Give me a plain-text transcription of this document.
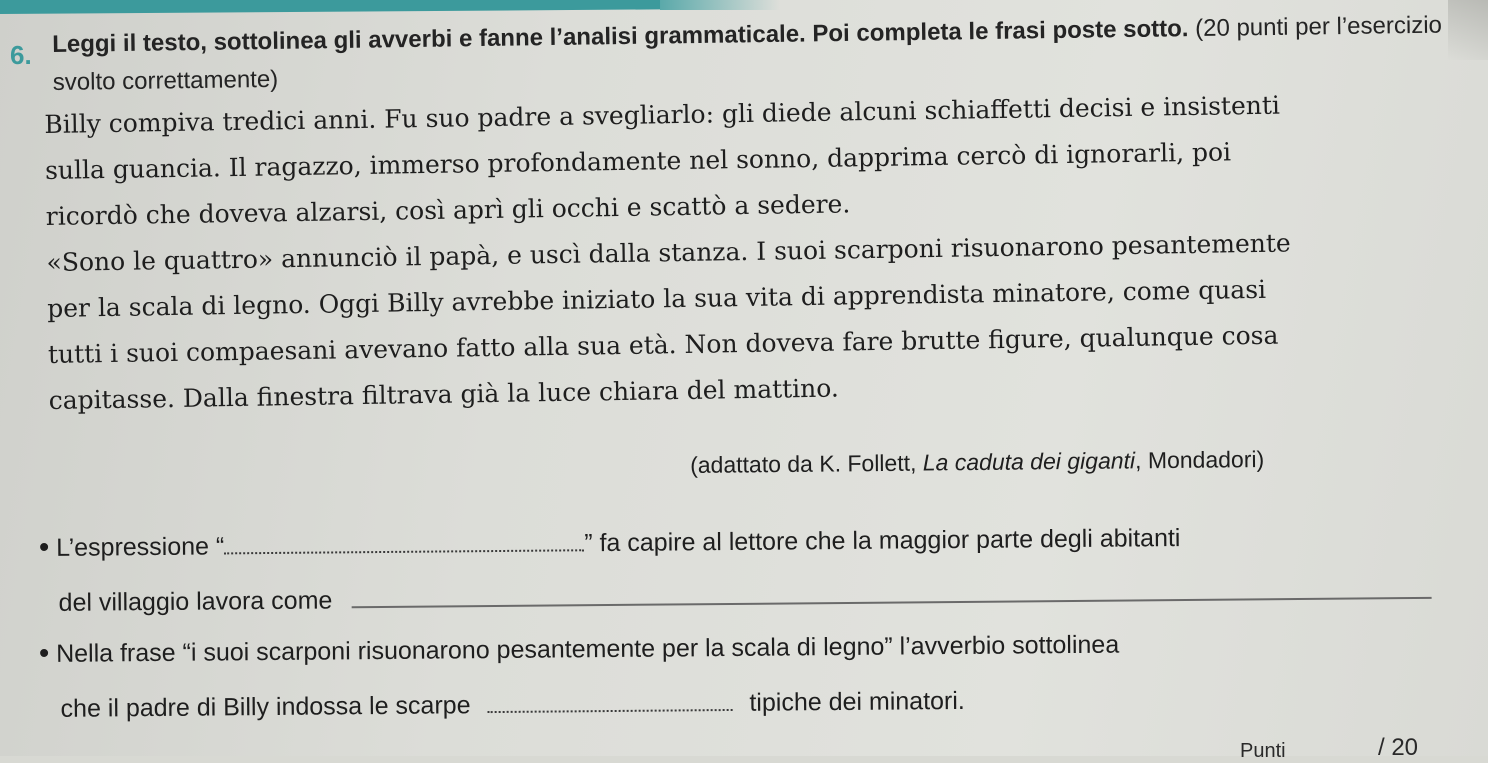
6. Leggi il testo, sottolinea gli avverbi e fanne l’analisi grammaticale. Poi completa le frasi poste sotto. (20 punti per l’esercizio svolto correttamente)
Billy compiva tredici anni. Fu suo padre a svegliarlo: gli diede alcuni schiaffetti decisi e insistenti
sulla guancia. Il ragazzo, immerso profondamente nel sonno, dapprima cercò di ignorarli, poi
ricordò che doveva alzarsi, così aprì gli occhi e scattò a sedere.
«Sono le quattro» annunciò il papà, e uscì dalla stanza. I suoi scarponi risuonarono pesantemente
per la scala di legno. Oggi Billy avrebbe iniziato la sua vita di apprendista minatore, come quasi
tutti i suoi compaesani avevano fatto alla sua età. Non doveva fare brutte figure, qualunque cosa
capitasse. Dalla finestra filtrava già la luce chiara del mattino.
(adattato da K. Follett, La caduta dei giganti, Mondadori)
L’espressione “	” fa capire al lettore che la maggior parte degli abitanti
del villaggio lavora come
Nella frase “i suoi scarponi risuonarono pesantemente per la scala di legno” l’avverbio sottolinea
che il padre di Billy indossa le scarpe	tipiche dei minatori.
Punti	/ 20
